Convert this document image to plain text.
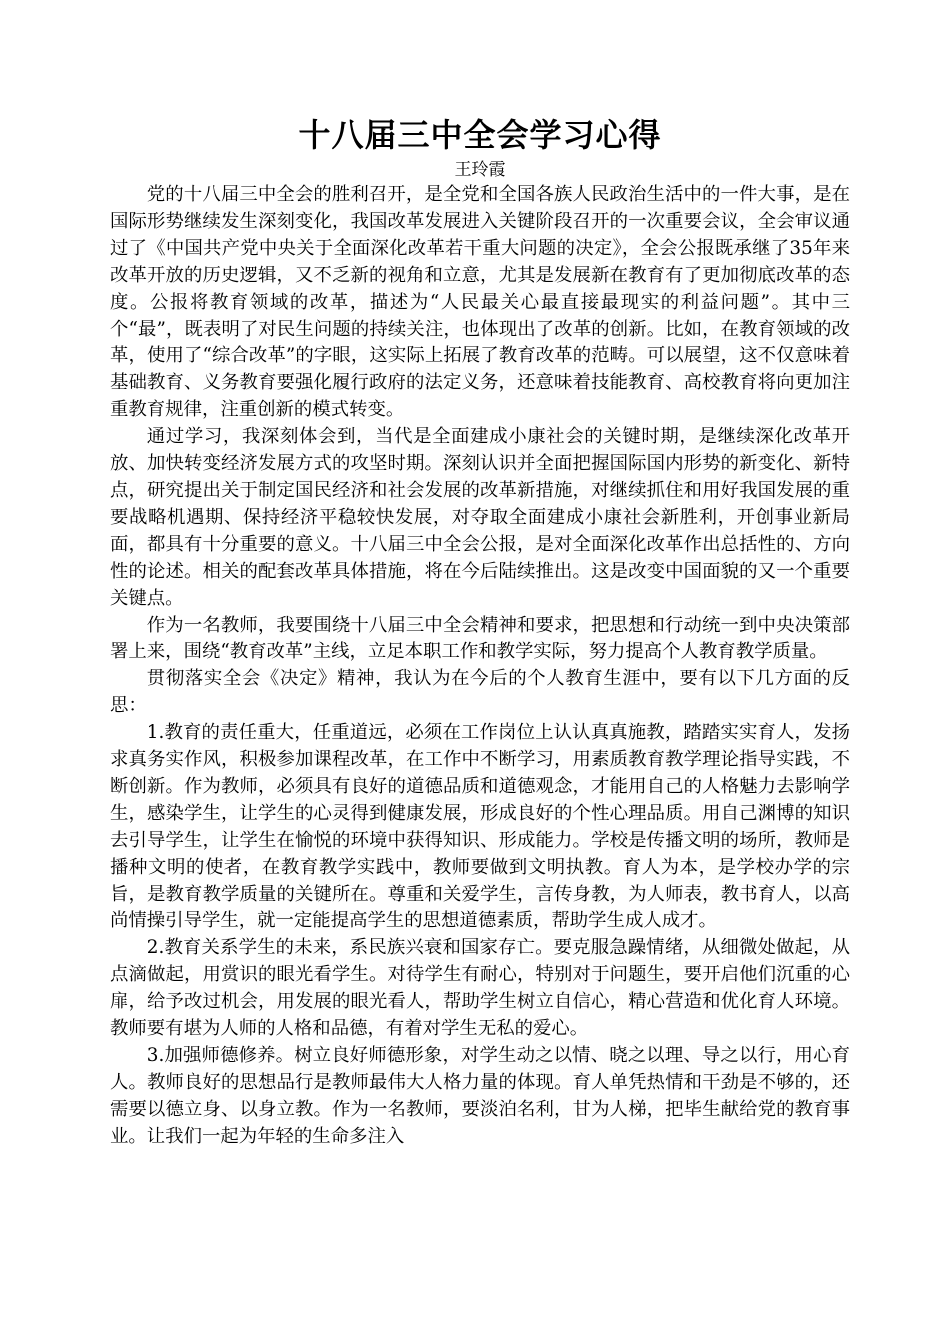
十八届三中全会学习心得

王玲霞

党的十八届三中全会的胜利召开，是全党和全国各族人民政治生活中的一件大事，是在国际形势继续发生深刻变化，我国改革发展进入关键阶段召开的一次重要会议，全会审议通过了《中国共产党中央关于全面深化改革若干重大问题的决定》，全会公报既承继了35年来改革开放的历史逻辑，又不乏新的视角和立意，尤其是发展新在教育有了更加彻底改革的态度。公报将教育领域的改革，描述为“人民最关心最直接最现实的利益问题”。其中三个“最”，既表明了对民生问题的持续关注，也体现出了改革的创新。比如，在教育领域的改革，使用了“综合改革”的字眼，这实际上拓展了教育改革的范畴。可以展望，这不仅意味着基础教育、义务教育要强化履行政府的法定义务，还意味着技能教育、高校教育将向更加注重教育规律，注重创新的模式转变。

通过学习，我深刻体会到，当代是全面建成小康社会的关键时期，是继续深化改革开放、加快转变经济发展方式的攻坚时期。深刻认识并全面把握国际国内形势的新变化、新特点，研究提出关于制定国民经济和社会发展的改革新措施，对继续抓住和用好我国发展的重要战略机遇期、保持经济平稳较快发展，对夺取全面建成小康社会新胜利，开创事业新局面，都具有十分重要的意义。十八届三中全会公报，是对全面深化改革作出总括性的、方向性的论述。相关的配套改革具体措施，将在今后陆续推出。这是改变中国面貌的又一个重要关键点。

作为一名教师，我要围绕十八届三中全会精神和要求，把思想和行动统一到中央决策部署上来，围绕“教育改革”主线，立足本职工作和教学实际，努力提高个人教育教学质量。

贯彻落实全会《决定》精神，我认为在今后的个人教育生涯中，要有以下几方面的反思：

1.教育的责任重大，任重道远，必须在工作岗位上认认真真施教，踏踏实实育人，发扬求真务实作风，积极参加课程改革，在工作中不断学习，用素质教育教学理论指导实践，不断创新。作为教师，必须具有良好的道德品质和道德观念，才能用自己的人格魅力去影响学生，感染学生，让学生的心灵得到健康发展，形成良好的个性心理品质。用自己渊博的知识去引导学生，让学生在愉悦的环境中获得知识、形成能力。学校是传播文明的场所，教师是播种文明的使者，在教育教学实践中，教师要做到文明执教。育人为本，是学校办学的宗旨，是教育教学质量的关键所在。尊重和关爱学生，言传身教，为人师表，教书育人，以高尚情操引导学生，就一定能提高学生的思想道德素质，帮助学生成人成才。

2.教育关系学生的未来，系民族兴衰和国家存亡。要克服急躁情绪，从细微处做起，从点滴做起，用赏识的眼光看学生。对待学生有耐心，特别对于问题生，要开启他们沉重的心扉，给予改过机会，用发展的眼光看人，帮助学生树立自信心，精心营造和优化育人环境。教师要有堪为人师的人格和品德，有着对学生无私的爱心。

3.加强师德修养。树立良好师德形象，对学生动之以情、晓之以理、导之以行，用心育人。教师良好的思想品行是教师最伟大人格力量的体现。育人单凭热情和干劲是不够的，还需要以德立身、以身立教。作为一名教师，要淡泊名利，甘为人梯，把毕生献给党的教育事业。让我们一起为年轻的生命多注入
